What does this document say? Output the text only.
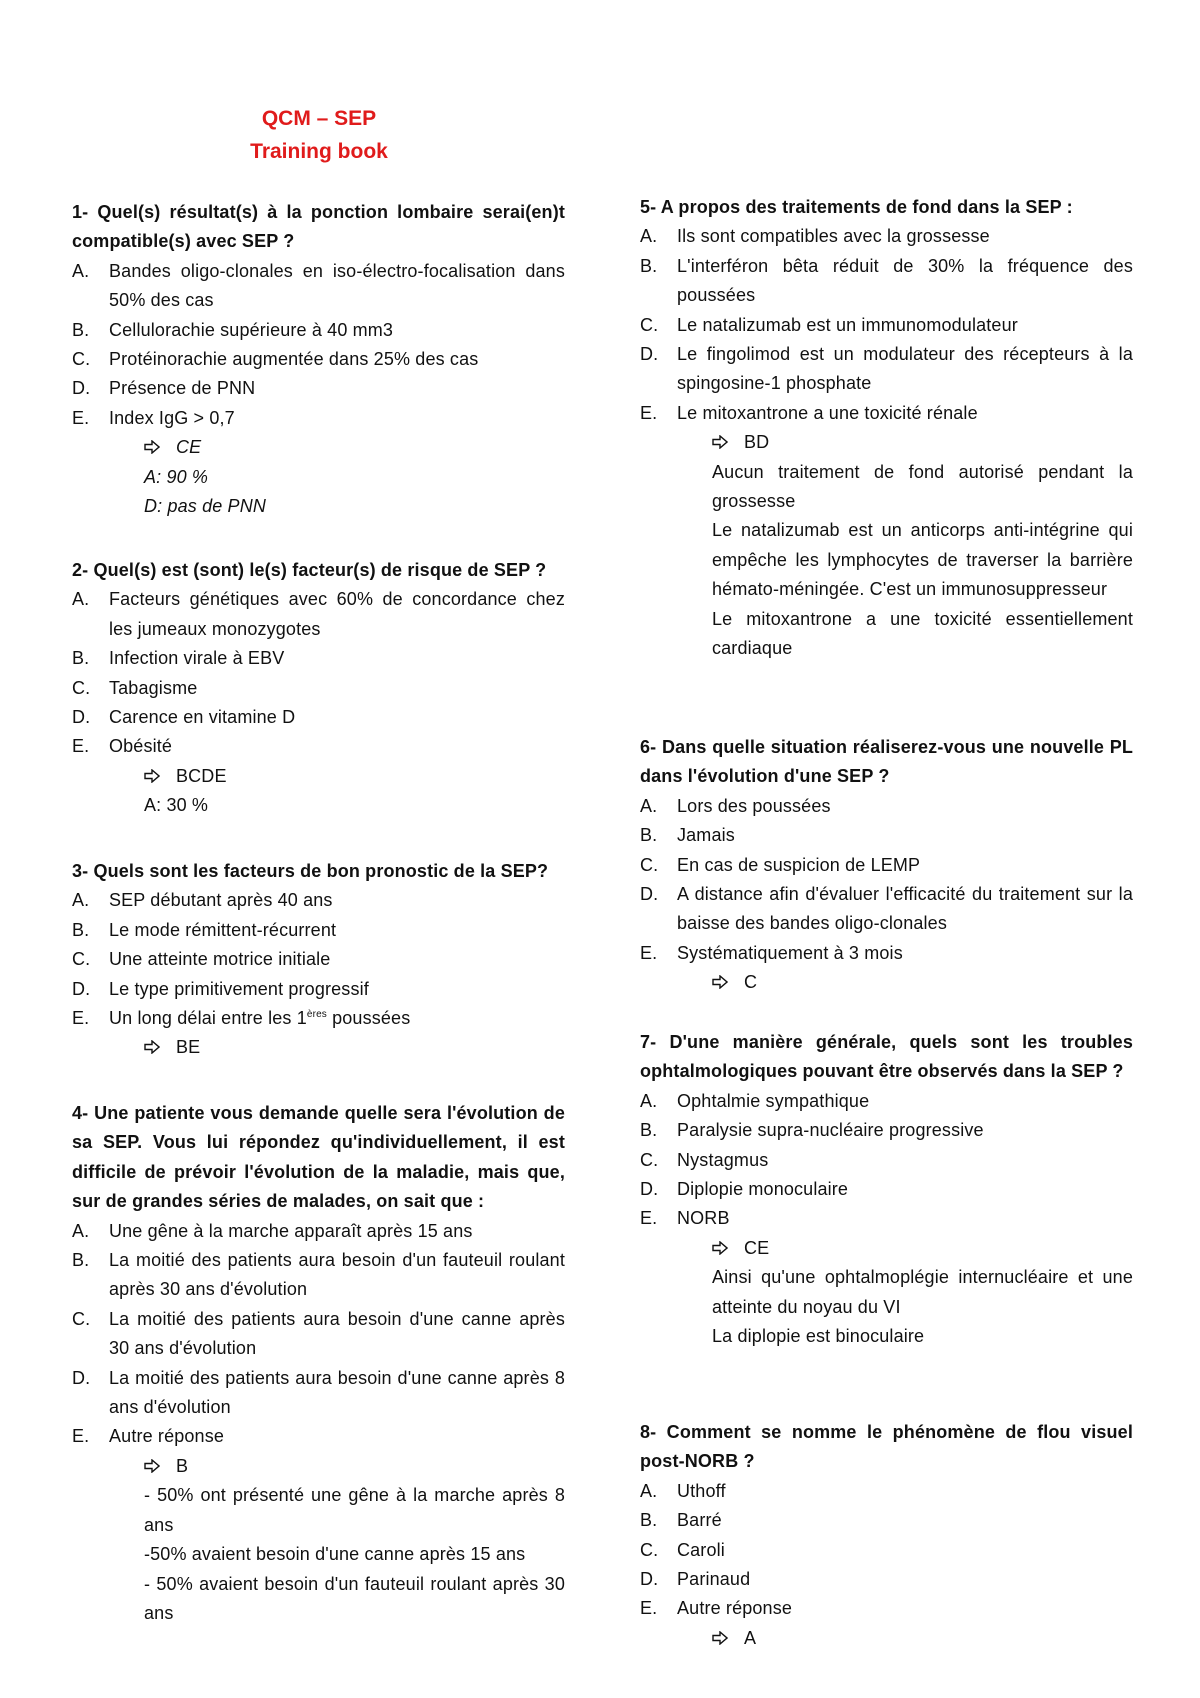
QCM – SEP
Training book
1- Quel(s) résultat(s) à la ponction lombaire serai(en)t compatible(s) avec SEP ?
A. Bandes oligo-clonales en iso-électro-focalisation dans 50% des cas
B. Cellulorachie supérieure à 40 mm3
C. Protéinorachie augmentée dans 25% des cas
D. Présence de PNN
E. Index IgG > 0,7
CE
A: 90 %
D: pas de PNN
2- Quel(s) est (sont) le(s) facteur(s) de risque de SEP ?
A. Facteurs génétiques avec 60% de concordance chez les jumeaux monozygotes
B. Infection virale à EBV
C. Tabagisme
D. Carence en vitamine D
E. Obésité
BCDE
A: 30 %
3- Quels sont les facteurs de bon pronostic de la SEP?
A. SEP débutant après 40 ans
B. Le mode rémittent-récurrent
C. Une atteinte motrice initiale
D. Le type primitivement progressif
E. Un long délai entre les 1ères poussées
BE
4- Une patiente vous demande quelle sera l'évolution de sa SEP. Vous lui répondez qu'individuellement, il est difficile de prévoir l'évolution de la maladie, mais que, sur de grandes séries de malades, on sait que :
A. Une gêne à la marche apparaît après 15 ans
B. La moitié des patients aura besoin d'un fauteuil roulant après 30 ans d'évolution
C. La moitié des patients aura besoin d'une canne après 30 ans d'évolution
D. La moitié des patients aura besoin d'une canne après 8 ans d'évolution
E. Autre réponse
B
- 50% ont présenté une gêne à la marche après 8 ans
-50% avaient besoin d'une canne après 15 ans
- 50% avaient besoin d'un fauteuil roulant après 30 ans
5- A propos des traitements de fond dans la SEP :
A. Ils sont compatibles avec la grossesse
B. L'interféron bêta réduit de 30% la fréquence des poussées
C. Le natalizumab est un immunomodulateur
D. Le fingolimod est un modulateur des récepteurs à la spingosine-1 phosphate
E. Le mitoxantrone a une toxicité rénale
BD
Aucun traitement de fond autorisé pendant la grossesse
Le natalizumab est un anticorps anti-intégrine qui empêche les lymphocytes de traverser la barrière hémato-méningée. C'est un immunosuppresseur
Le mitoxantrone a une toxicité essentiellement cardiaque
6- Dans quelle situation réaliserez-vous une nouvelle PL dans l'évolution d'une SEP ?
A. Lors des poussées
B. Jamais
C. En cas de suspicion de LEMP
D. A distance afin d'évaluer l'efficacité du traitement sur la baisse des bandes oligo-clonales
E. Systématiquement à 3 mois
C
7- D'une manière générale, quels sont les troubles ophtalmologiques pouvant être observés dans la SEP ?
A. Ophtalmie sympathique
B. Paralysie supra-nucléaire progressive
C. Nystagmus
D. Diplopie monoculaire
E. NORB
CE
Ainsi qu'une ophtalmoplégie internucléaire et une atteinte du noyau du VI
La diplopie est binoculaire
8- Comment se nomme le phénomène de flou visuel post-NORB ?
A. Uthoff
B. Barré
C. Caroli
D. Parinaud
E. Autre réponse
A
